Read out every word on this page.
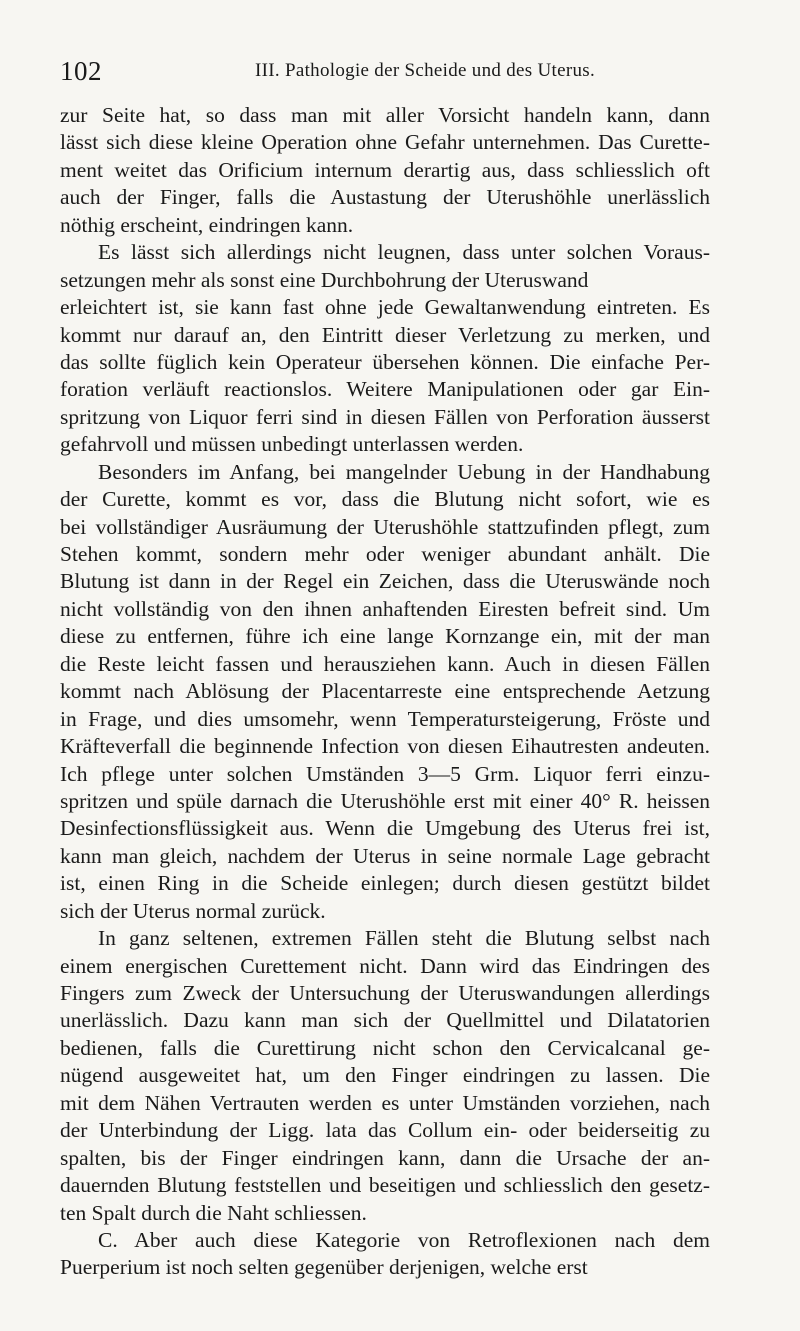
102	III. Pathologie der Scheide und des Uterus.
zur Seite hat, so dass man mit aller Vorsicht handeln kann, dann
lässt sich diese kleine Operation ohne Gefahr unternehmen. Das Curette-
ment weitet das Orificium internum derartig aus, dass schliesslich oft
auch der Finger, falls die Austastung der Uterushöhle unerlässlich
nöthig erscheint, eindringen kann.
Es lässt sich allerdings nicht leugnen, dass unter solchen Voraus-
setzungen mehr als sonst eine Durchbohrung der Uteruswand
erleichtert ist, sie kann fast ohne jede Gewaltanwendung eintreten. Es
kommt nur darauf an, den Eintritt dieser Verletzung zu merken, und
das sollte füglich kein Operateur übersehen können. Die einfache Per-
foration verläuft reactionslos. Weitere Manipulationen oder gar Ein-
spritzung von Liquor ferri sind in diesen Fällen von Perforation äusserst
gefahrvoll und müssen unbedingt unterlassen werden.
Besonders im Anfang, bei mangelnder Uebung in der Handhabung
der Curette, kommt es vor, dass die Blutung nicht sofort, wie es
bei vollständiger Ausräumung der Uterushöhle stattzufinden pflegt, zum
Stehen kommt, sondern mehr oder weniger abundant anhält. Die
Blutung ist dann in der Regel ein Zeichen, dass die Uteruswände noch
nicht vollständig von den ihnen anhaftenden Eiresten befreit sind. Um
diese zu entfernen, führe ich eine lange Kornzange ein, mit der man
die Reste leicht fassen und herausziehen kann. Auch in diesen Fällen
kommt nach Ablösung der Placentarreste eine entsprechende Aetzung
in Frage, und dies umsomehr, wenn Temperatursteigerung, Fröste und
Kräfteverfall die beginnende Infection von diesen Eihautresten andeuten.
Ich pflege unter solchen Umständen 3—5 Grm. Liquor ferri einzu-
spritzen und spüle darnach die Uterushöhle erst mit einer 40° R. heissen
Desinfectionsflüssigkeit aus. Wenn die Umgebung des Uterus frei ist,
kann man gleich, nachdem der Uterus in seine normale Lage gebracht
ist, einen Ring in die Scheide einlegen; durch diesen gestützt bildet
sich der Uterus normal zurück.
In ganz seltenen, extremen Fällen steht die Blutung selbst nach
einem energischen Curettement nicht. Dann wird das Eindringen des
Fingers zum Zweck der Untersuchung der Uteruswandungen allerdings
unerlässlich. Dazu kann man sich der Quellmittel und Dilatatorien
bedienen, falls die Curettirung nicht schon den Cervicalcanal ge-
nügend ausgeweitet hat, um den Finger eindringen zu lassen. Die
mit dem Nähen Vertrauten werden es unter Umständen vorziehen, nach
der Unterbindung der Ligg. lata das Collum ein- oder beiderseitig zu
spalten, bis der Finger eindringen kann, dann die Ursache der an-
dauernden Blutung feststellen und beseitigen und schliesslich den gesetz-
ten Spalt durch die Naht schliessen.
C. Aber auch diese Kategorie von Retroflexionen nach dem
Puerperium ist noch selten gegenüber derjenigen, welche erst
